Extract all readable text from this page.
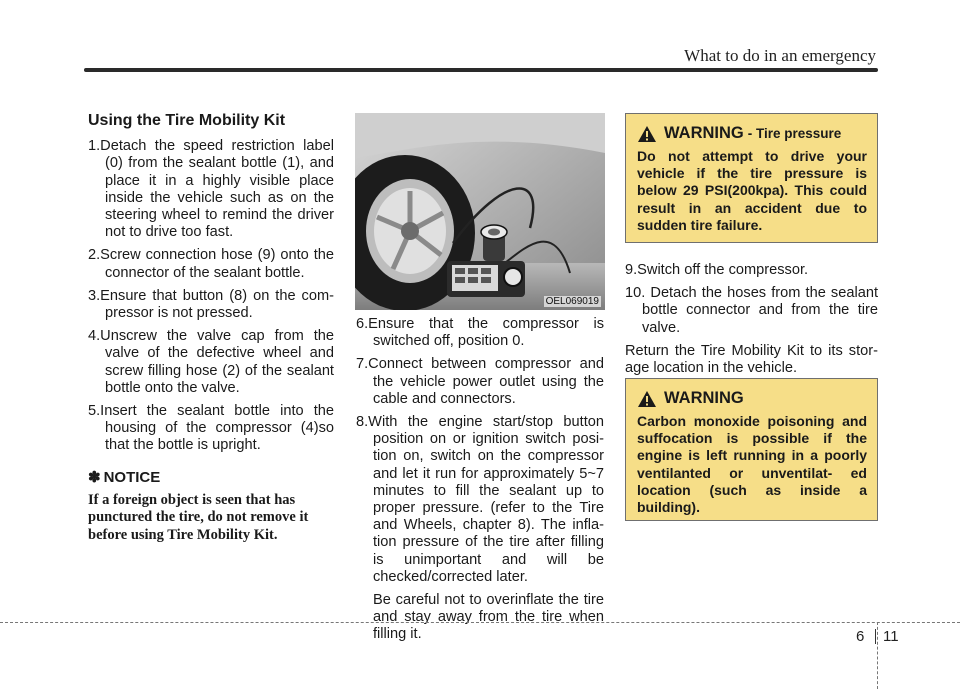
What to do in an emergency
Using the Tire Mobility Kit

1.Detach the speed restriction label (0) from the sealant bottle (1), and place it in a highly visible place inside the vehicle such as on the steering wheel to remind the driver not to drive too fast.

2.Screw connection hose (9) onto the connector of the sealant bottle.

3.Ensure that button (8) on the com- pressor is not pressed.

4.Unscrew the valve cap from the valve of the defective wheel and screw filling hose (2) of the sealant bottle onto the valve.

5.Insert the sealant bottle into the housing of the compressor (4)so that the bottle is upright.

✽ NOTICE

If a foreign object is seen that has punctured the tire, do not remove it before using Tire Mobility Kit.

OEL069019

6.Ensure that the compressor is switched off, position 0.

7.Connect between compressor and the vehicle power outlet using the cable and connectors.

8.With the engine start/stop button position on or ignition switch posi- tion on, switch on the compressor and let it run for approximately 5~7 minutes to fill the sealant up to proper pressure. (refer to the Tire and Wheels, chapter 8). The infla- tion pressure of the tire after filling is unimportant and will be checked/corrected later.

Be careful not to overinflate the tire and stay away from the tire when filling it.

WARNING - Tire pressure

Do not attempt to drive your vehicle if the tire pressure is below 29 PSI(200kpa). This could result in an accident due to sudden tire failure.

9.Switch off the compressor.

10. Detach the hoses from the sealant bottle connector and from the tire valve.

Return the Tire Mobility Kit to its stor- age location in the vehicle.

WARNING

Carbon monoxide poisoning and suffocation is possible if the engine is left running in a poorly ventilanted or unventilat- ed location (such as inside a building).

6 11
